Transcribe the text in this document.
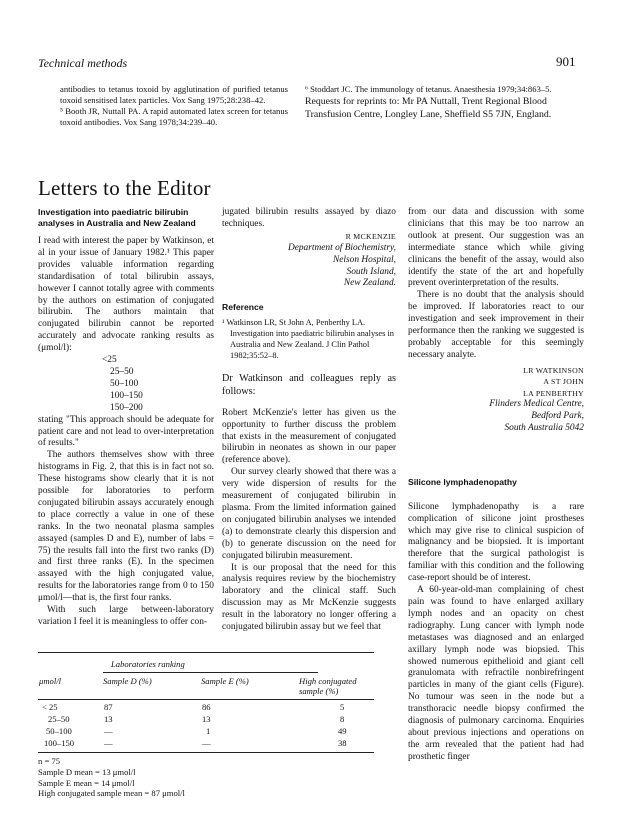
Technical methods	901

antibodies to tetanus toxoid by agglutination of purified tetanus toxoid sensitised latex particles. Vox Sang 1975;28:238–42.

⁵ Booth JR, Nuttall PA. A rapid automated latex screen for tetanus toxoid antibodies. Vox Sang 1978;34:239–40.

⁶ Stoddart JC. The immunology of tetanus. Anaesthesia 1979;34:863–5.
Requests for reprints to: Mr PA Nuttall, Trent Regional Blood Transfusion Centre, Longley Lane, Sheffield S5 7JN, England.
Letters to the Editor
Investigation into paediatric bilirubin analyses in Australia and New Zealand

I read with interest the paper by Watkinson, et al in your issue of January 1982.¹ This paper provides valuable information regarding standardisation of total bilirubin assays, however I cannot totally agree with comments by the authors on estimation of conjugated bilirubin. The authors maintain that conjugated bilirubin cannot be reported accurately and advocate ranking results as (μmol/l):

<25
25–50
50–100
100–150
150–200

stating "This approach should be adequate for patient care and not lead to over-interpretation of results."

The authors themselves show with three histograms in Fig. 2, that this is in fact not so. These histograms show clearly that it is not possible for laboratories to perform conjugated bilirubin assays accurately enough to place correctly a value in one of these ranks. In the two neonatal plasma samples assayed (samples D and E), number of labs = 75) the results fall into the first two ranks (D) and first three ranks (E). In the specimen assayed with the high conjugated value, results for the laboratories range from 0 to 150 μmol/l—that is, the first four ranks.

With such large between-laboratory variation I feel it is meaningless to offer con-

jugated bilirubin results assayed by diazo techniques.

R MCKENZIE

Department of Biochemistry,

Nelson Hospital,

South Island,

New Zealand.

Reference
¹ Watkinson LR, St John A, Penberthy LA. Investigation into paediatric bilirubin analyses in Australia and New Zealand. J Clin Pathol 1982;35:52–8.

Dr Watkinson and colleagues reply as follows:

Robert McKenzie's letter has given us the opportunity to further discuss the problem that exists in the measurement of conjugated bilirubin in neonates as shown in our paper (reference above).

Our survey clearly showed that there was a very wide dispersion of results for the measurement of conjugated bilirubin in plasma. From the limited information gained on conjugated bilirubin analyses we intended (a) to demonstrate clearly this dispersion and (b) to generate discussion on the need for conjugated bilirubin measurement.

It is our proposal that the need for this analysis requires review by the biochemistry laboratory and the clinical staff. Such discussion may as Mr McKenzie suggests result in the laboratory no longer offering a conjugated bilirubin assay but we feel that

from our data and discussion with some clinicians that this may be too narrow an outlook at present. Our suggestion was an intermediate stance which while giving clinicans the benefit of the assay, would also identify the state of the art and hopefully prevent overinterpretation of the results.

There is no doubt that the analysis should be improved. If laboratories react to our investigation and seek improvement in their performance then the ranking we suggested is probably acceptable for this seemingly necessary analyte.

LR WATKINSON
A ST JOHN
LA PENBERTHY

Flinders Medical Centre,

Bedford Park,

South Australia 5042

Silicone lymphadenopathy

Silicone lymphadenopathy is a rare complication of silicone joint prostheses which may give rise to clinical suspicion of malignancy and be biopsied. It is important therefore that the surgical pathologist is familiar with this condition and the following case-report should be of interest.

A 60-year-old-man complaining of chest pain was found to have enlarged axillary lymph nodes and an opacity on chest radiography. Lung cancer with lymph node metastases was diagnosed and an enlarged axillary lymph node was biopsied. This showed numerous epithelioid and giant cell granulomata with refractile nonbirefringent particles in many of the giant cells (Figure). No tumour was seen in the node but a transthoracic needle biopsy confirmed the diagnosis of pulmonary carcinoma. Enquiries about previous injections and operations on the arm revealed that the patient had had prosthetic finger

	Laboratories ranking		

μmol/l	Sample D (%)	Sample E (%)	High conjugated sample (%)

< 25	87	86	5
25–50	13	13	8
50–100	—	1	49
100–150	—	—	38

n = 75

Sample D mean = 13 μmol/l

Sample E mean = 14 μmol/l

High conjugated sample mean = 87 μmol/l
